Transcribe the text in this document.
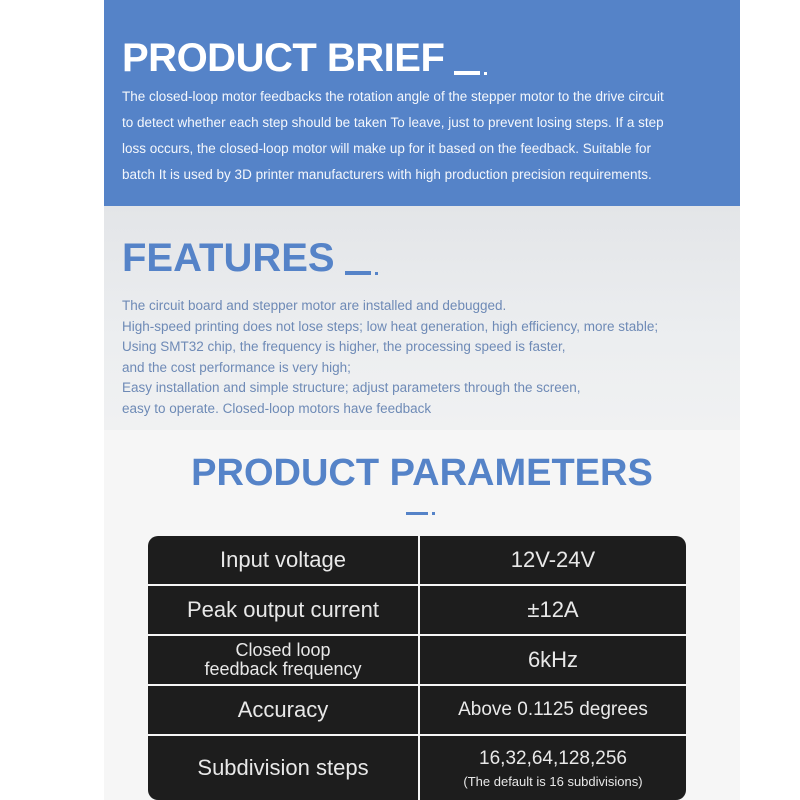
PRODUCT BRIEF
The closed-loop motor feedbacks the rotation angle of the stepper motor to the drive circuit
to detect whether each step should be taken To leave, just to prevent losing steps. If a step
loss occurs, the closed-loop motor will make up for it based on the feedback. Suitable for
batch It is used by 3D printer manufacturers with high production precision requirements.
FEATURES
The circuit board and stepper motor are installed and debugged.
High-speed printing does not lose steps; low heat generation, high efficiency, more stable;
Using SMT32 chip, the frequency is higher, the processing speed is faster,
and the cost performance is very high;
Easy installation and simple structure; adjust parameters through the screen,
easy to operate. Closed-loop motors have feedback
PRODUCT PARAMETERS
Input voltage	12V-24V
Peak output current	±12A
Closed loop
feedback frequency	6kHz
Accuracy	Above 0.1125 degrees
Subdivision steps	16,32,64,128,256
(The default is 16 subdivisions)
